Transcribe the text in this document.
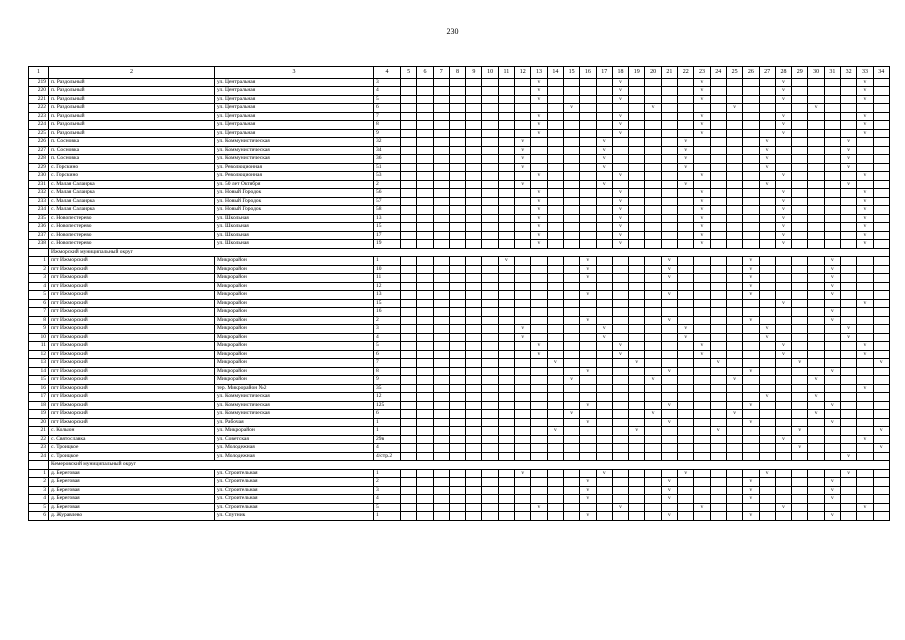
230
1	2	3	4	5	6	7	8	9	10	11	12	13	14	15	16	17	18	19	20	21	22	23	24	25	26	27	28	29	30	31	32	33	34
219	п. Раздольный	ул. Центральная	3									v					v					v					v					v	
220	п. Раздольный	ул. Центральная	4									v					v					v					v					v	
221	п. Раздольный	ул. Центральная	5									v					v					v					v					v	
222	п. Раздольный	ул. Центральная	6											v					v					v					v				
223	п. Раздольный	ул. Центральная	7									v					v					v					v					v	
224	п. Раздольный	ул. Центральная	8									v					v					v					v					v	
225	п. Раздольный	ул. Центральная	9									v					v					v					v					v	
226	п. Сосновка	ул. Коммунистическая	32								v					v					v					v					v		
227	п. Сосновка	ул. Коммунистическая	34								v					v					v					v					v		
228	п. Сосновка	ул. Коммунистическая	36								v					v					v					v					v		
229	с. Горскино	ул. Революционная	51								v					v					v					v					v		
230	с. Горскино	ул. Революционная	53									v					v					v					v					v	
231	с. Малая Салаирка	ул. 50 лет Октября	2								v					v					v					v					v		
232	с. Малая Салаирка	ул. Новый Городок	56									v					v					v					v					v	
233	с. Малая Салаирка	ул. Новый Городок	57									v					v					v					v					v	
234	с. Малая Салаирка	ул. Новый Городок	58									v					v					v					v					v	
235	с. Новопестерево	ул. Школьная	13									v					v					v					v					v	
236	с. Новопестерево	ул. Школьная	15									v					v					v					v					v	
237	с. Новопестерево	ул. Школьная	17									v					v					v					v					v	
238	с. Новопестерево	ул. Школьная	19									v					v					v					v					v	
	Ижморский муниципальный округ																																
1	пгт Ижморский	Микрорайон	1							v					v					v					v					v			
2	пгт Ижморский	Микрорайон	10												v					v					v					v			
3	пгт Ижморский	Микрорайон	11												v					v					v					v			
4	пгт Ижморский	Микрорайон	12																						v					v			
5	пгт Ижморский	Микрорайон	13												v					v					v					v			
6	пгт Ижморский	Микрорайон	15																								v					v	
7	пгт Ижморский	Микрорайон	16																											v			
8	пгт Ижморский	Микрорайон	2												v					v					v					v			
9	пгт Ижморский	Микрорайон	3								v					v					v					v					v		
10	пгт Ижморский	Микрорайон	4								v					v					v					v					v		
11	пгт Ижморский	Микрорайон	5									v					v					v					v					v	
12	пгт Ижморский	Микрорайон	6									v					v					v					v					v	
13	пгт Ижморский	Микрорайон	7										v					v					v					v					v
14	пгт Ижморский	Микрорайон	8												v					v					v					v			
15	пгт Ижморский	Микрорайон	9											v					v					v					v				
16	пгт Ижморский	тер. Микрорайон №2	35																													v	
17	пгт Ижморский	ул. Коммунистическая	12																							v			v				
18	пгт Ижморский	ул. Коммунистическая	125												v					v					v					v			
19	пгт Ижморский	ул. Коммунистическая	6											v					v					v					v				
20	пгт Ижморский	ул. Рабочая	1												v					v					v					v			
21	с. Колыон	ул. Микрорайон	1										v					v					v					v					v
22	с. Святославка	ул. Советская	29в																								v					v	
23	с. Троицкое	ул. Молодежная	4																									v					v
24	с. Троицкое	ул. Молодежная	4/стр.2																												v		
	Кемеровский муниципальный округ																																
1	д. Береговая	ул. Строительная	1								v					v					v					v					v		
2	д. Береговая	ул. Строительная	2												v					v					v					v			
3	д. Береговая	ул. Строительная	3												v					v					v					v			
4	д. Береговая	ул. Строительная	4												v					v					v					v			
5	д. Береговая	ул. Строительная	5									v					v					v					v					v	
6	д. Журавлево	ул. Спутник	1												v					v					v					v			
